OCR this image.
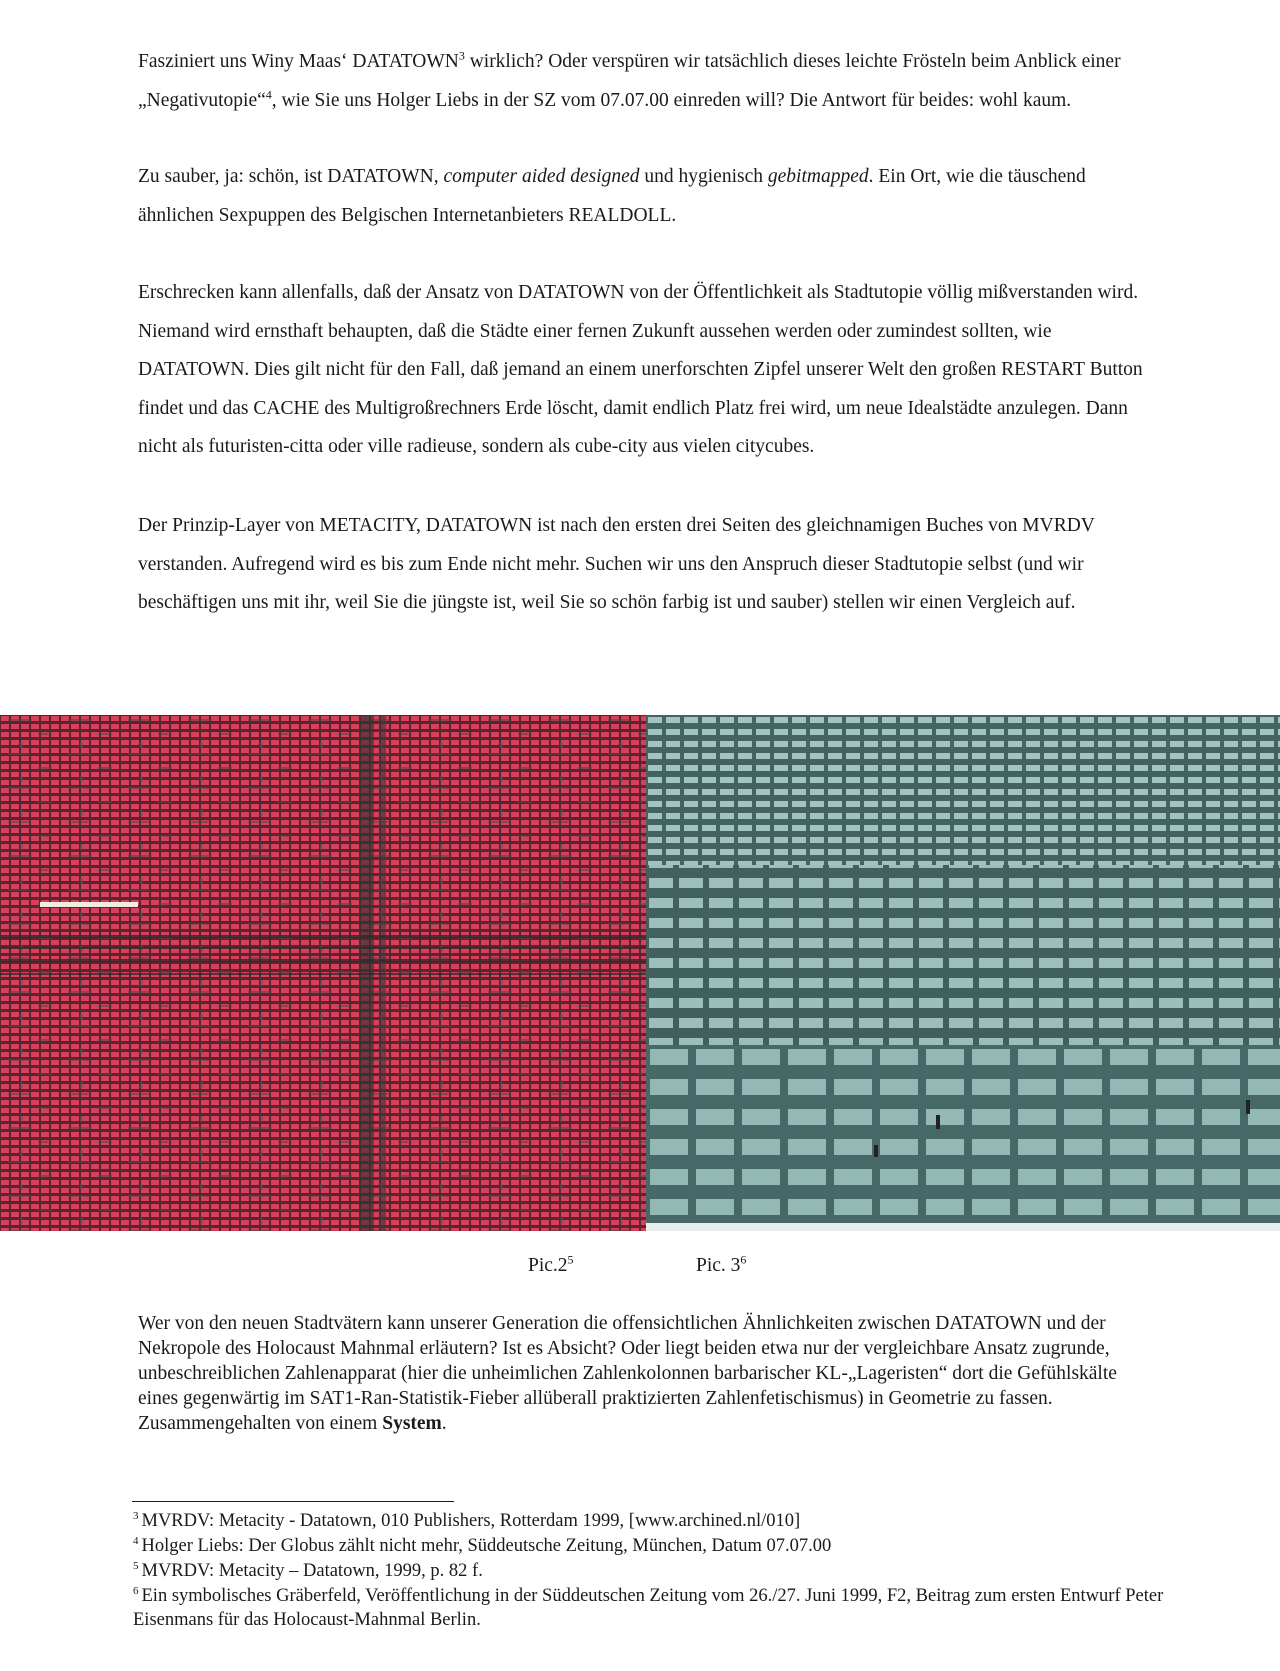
Fasziniert uns Winy Maas‘ DATATOWN$^3$ wirklich? Oder verspüren wir tatsächlich dieses leichte Frösteln beim Anblick einer „Negativutopie“$^4$, wie Sie uns Holger Liebs in der SZ vom 07.07.00 einreden will? Die Antwort für beides: wohl kaum.
Zu sauber, ja: schön, ist DATATOWN, computer aided designed und hygienisch gebitmapped. Ein Ort, wie die täuschend ähnlichen Sexpuppen des Belgischen Internetanbieters REALDOLL.
Erschrecken kann allenfalls, daß der Ansatz von DATATOWN von der Öffentlichkeit als Stadtutopie völlig mißverstanden wird. Niemand wird ernsthaft behaupten, daß die Städte einer fernen Zukunft aussehen werden oder zumindest sollten, wie DATATOWN. Dies gilt nicht für den Fall, daß jemand an einem unerforschten Zipfel unserer Welt den großen RESTART Button findet und das CACHE des Multigroßrechners Erde löscht, damit endlich Platz frei wird, um neue Idealstädte anzulegen. Dann nicht als futuristen-citta oder ville radieuse, sondern als cube-city aus vielen citycubes.
Der Prinzip-Layer von METACITY, DATATOWN ist nach den ersten drei Seiten des gleichnamigen Buches von MVRDV verstanden. Aufregend wird es bis zum Ende nicht mehr. Suchen wir uns den Anspruch dieser Stadtutopie selbst (und wir beschäftigen uns mit ihr, weil Sie die jüngste ist, weil Sie so schön farbig ist und sauber) stellen wir einen Vergleich auf.
$Pic.2^5$	Pic. $3^6$
Wer von den neuen Stadtvätern kann unserer Generation die offensichtlichen Ähnlichkeiten zwischen DATATOWN und der Nekropole des Holocaust Mahnmal erläutern? Ist es Absicht? Oder liegt beiden etwa nur der vergleichbare Ansatz zugrunde, unbeschreiblichen Zahlenapparat (hier die unheimlichen Zahlenkolonnen barbarischer KL-„Lageristen“ dort die Gefühlskälte eines gegenwärtig im SAT1-Ran-Statistik-Fieber allüberall praktizierten Zahlenfetischismus) in Geometrie zu fassen. Zusammengehalten von einem System.
$^3$ MVRDV: Metacity - Datatown, 010 Publishers, Rotterdam 1999, [www.archined.nl/010]
$^4$ Holger Liebs: Der Globus zählt nicht mehr, Süddeutsche Zeitung, München, Datum 07.07.00
$^5$ MVRDV: Metacity – Datatown, 1999, p. 82 f.
$^6$ Ein symbolisches Gräberfeld, Veröffentlichung in der Süddeutschen Zeitung vom 26./27. Juni 1999, F2, Beitrag zum ersten Entwurf Peter Eisenmans für das Holocaust-Mahnmal Berlin.
